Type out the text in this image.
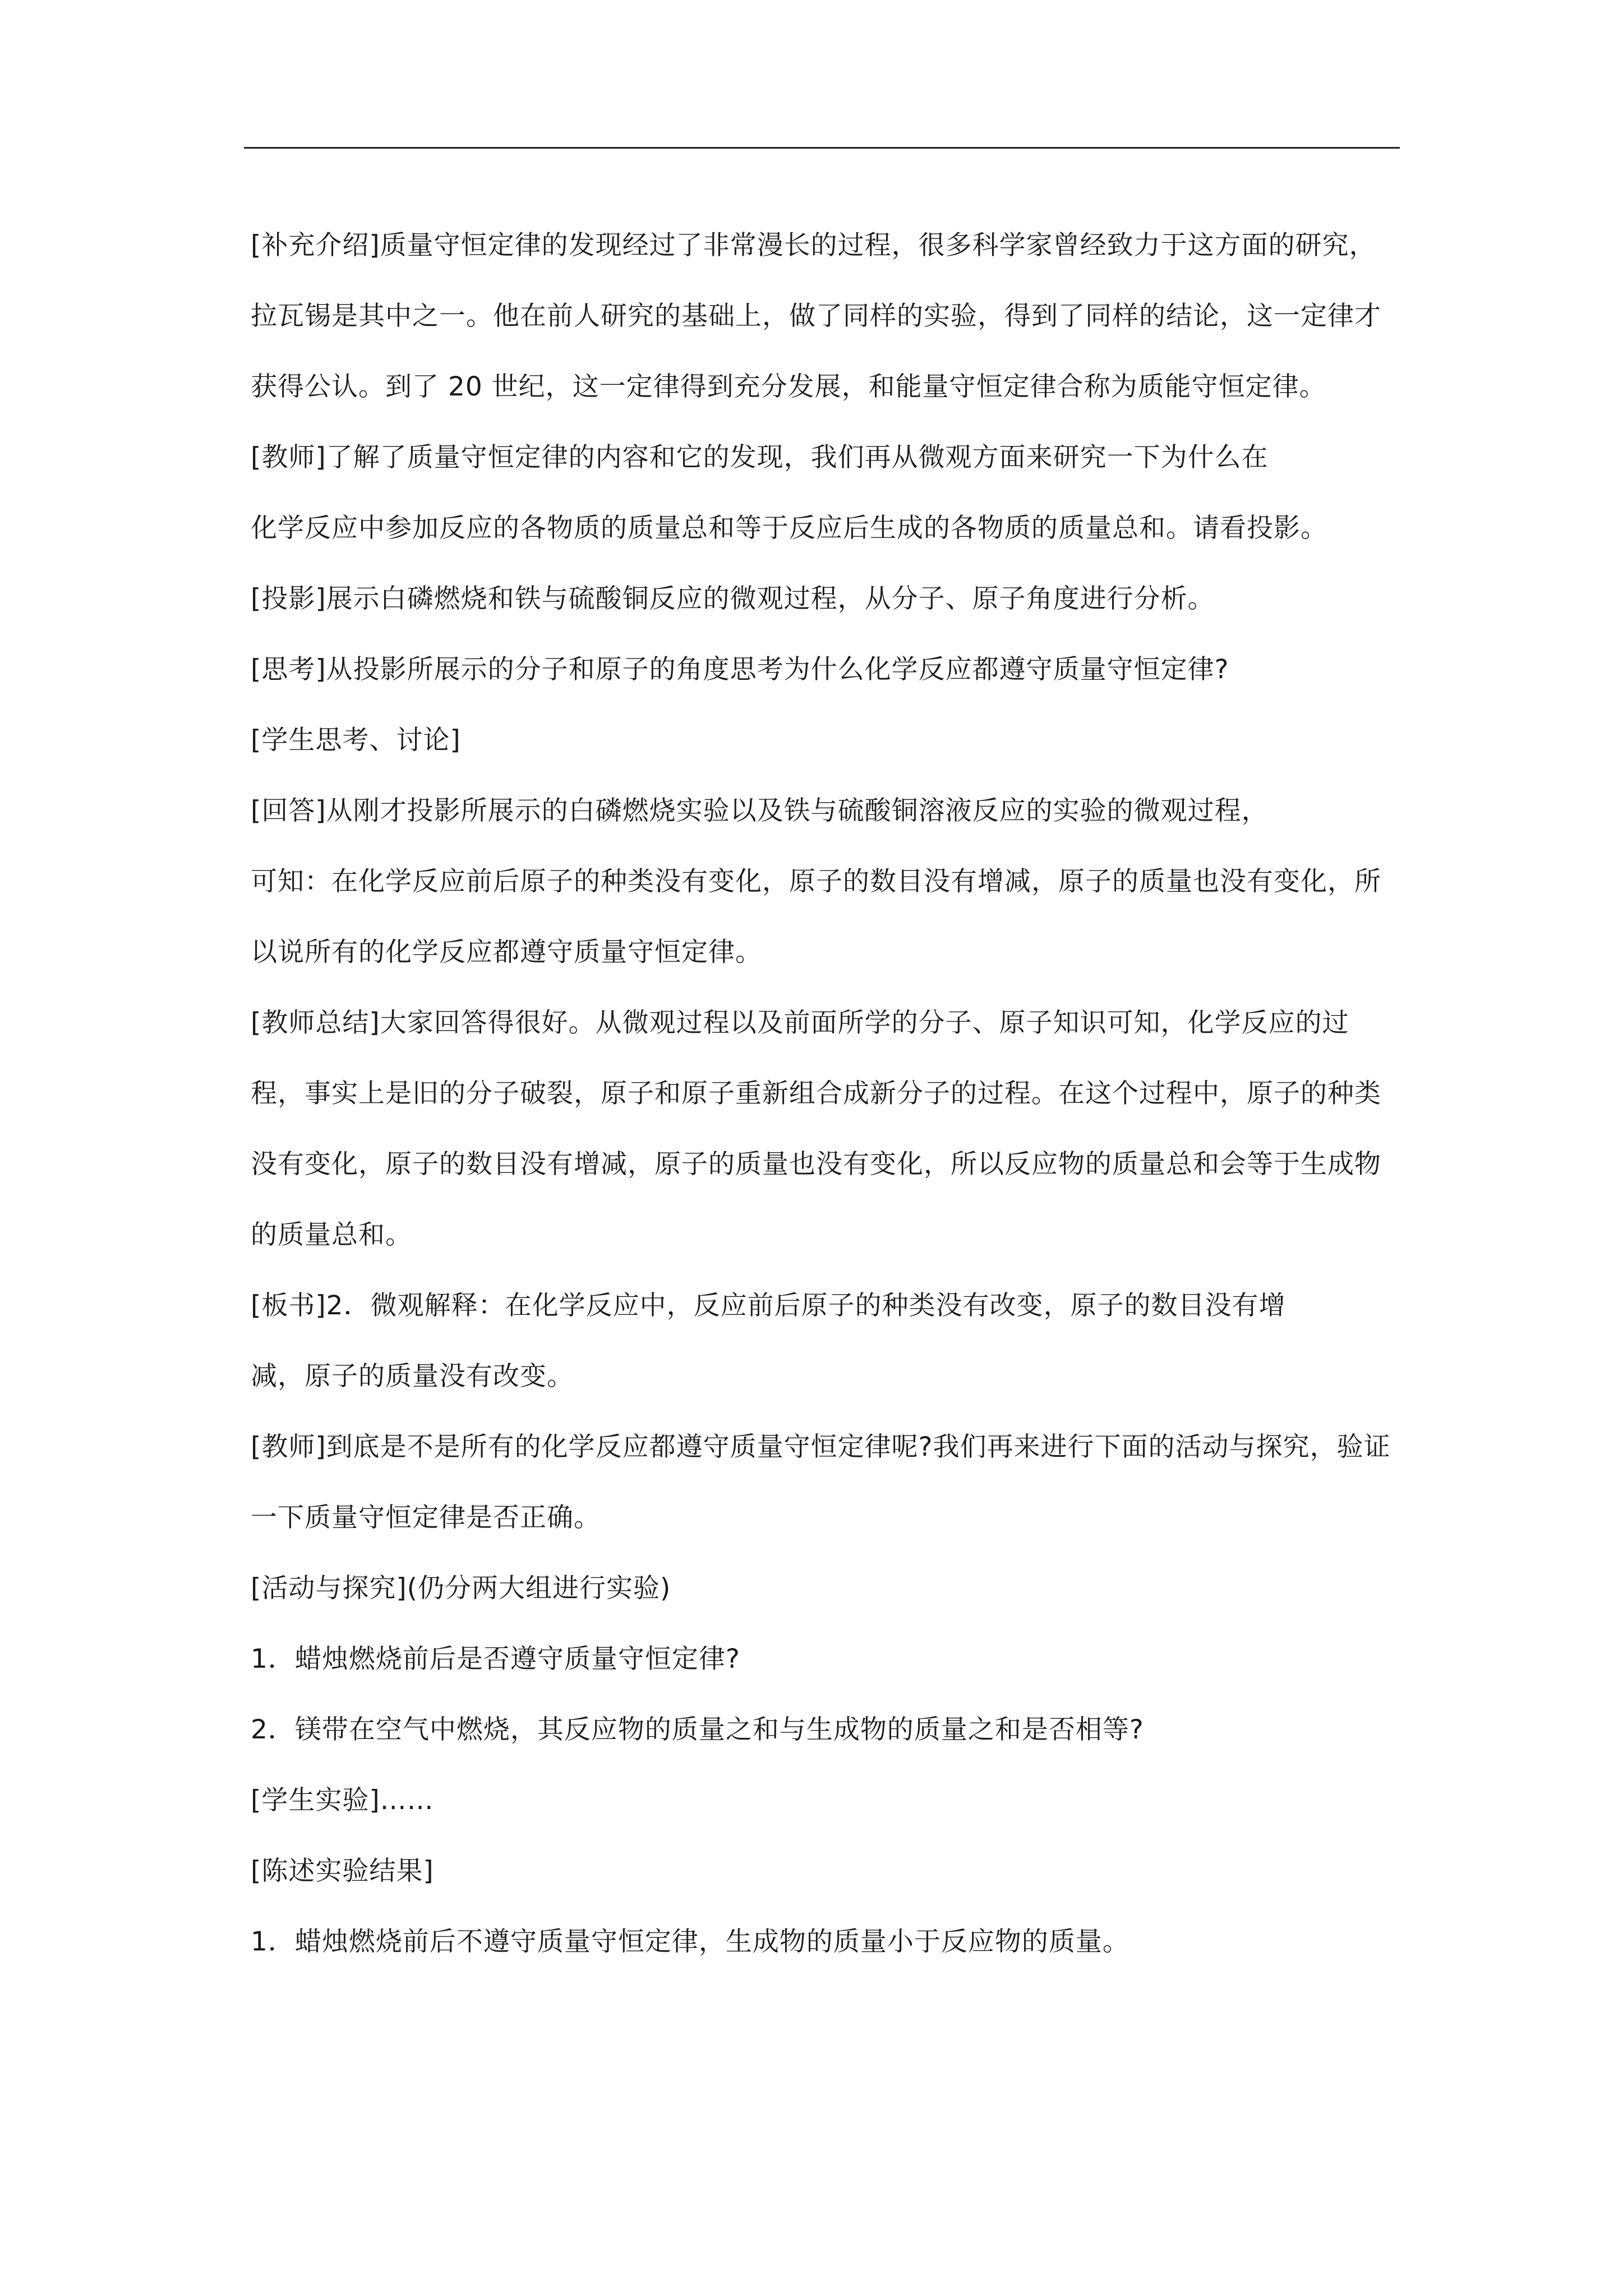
[补充介绍]质量守恒定律的发现经过了非常漫长的过程，很多科学家曾经致力于这方面的研究，拉瓦锡是其中之一。他在前人研究的基础上，做了同样的实验，得到了同样的结论，这一定律才获得公认。到了 20 世纪，这一定律得到充分发展，和能量守恒定律合称为质能守恒定律。

[教师]了解了质量守恒定律的内容和它的发现，我们再从微观方面来研究一下为什么在

化学反应中参加反应的各物质的质量总和等于反应后生成的各物质的质量总和。请看投影。

[投影]展示白磷燃烧和铁与硫酸铜反应的微观过程，从分子、原子角度进行分析。

[思考]从投影所展示的分子和原子的角度思考为什么化学反应都遵守质量守恒定律?

[学生思考、讨论]

[回答]从刚才投影所展示的白磷燃烧实验以及铁与硫酸铜溶液反应的实验的微观过程，

可知：在化学反应前后原子的种类没有变化，原子的数目没有增减，原子的质量也没有变化，所以说所有的化学反应都遵守质量守恒定律。

[教师总结]大家回答得很好。从微观过程以及前面所学的分子、原子知识可知，化学反应的过程，事实上是旧的分子破裂，原子和原子重新组合成新分子的过程。在这个过程中，原子的种类没有变化，原子的数目没有增减，原子的质量也没有变化，所以反应物的质量总和会等于生成物的质量总和。

[板书]2．微观解释：在化学反应中，反应前后原子的种类没有改变，原子的数目没有增

减，原子的质量没有改变。

[教师]到底是不是所有的化学反应都遵守质量守恒定律呢?我们再来进行下面的活动与探究，验证一下质量守恒定律是否正确。

[活动与探究](仍分两大组进行实验)

1．蜡烛燃烧前后是否遵守质量守恒定律?

2．镁带在空气中燃烧，其反应物的质量之和与生成物的质量之和是否相等?

[学生实验]……

[陈述实验结果]

1．蜡烛燃烧前后不遵守质量守恒定律，生成物的质量小于反应物的质量。
